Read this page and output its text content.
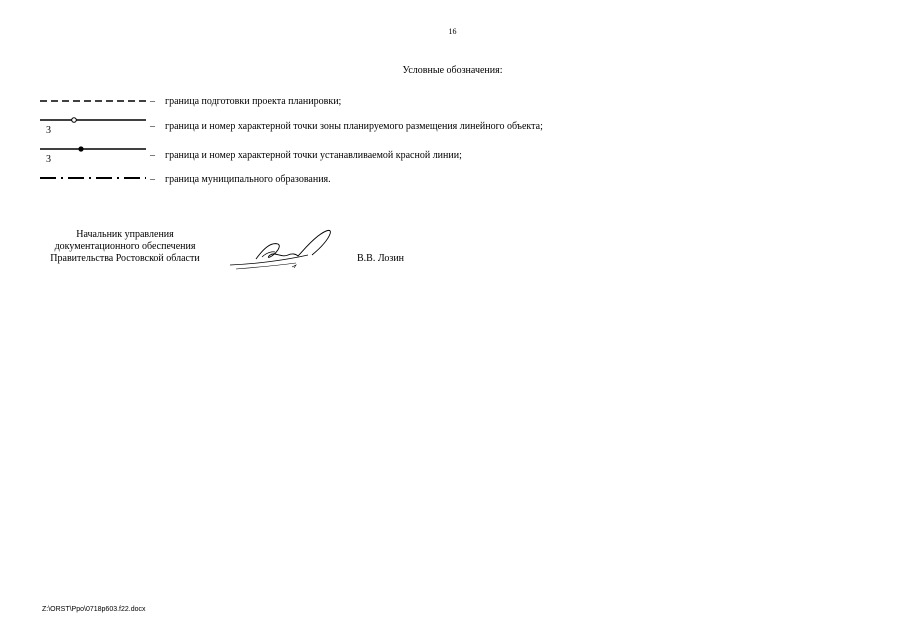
16
Условные обозначения:
– граница подготовки проекта планировки;
3	– граница и номер характерной точки зоны планируемого размещения линейного объекта;
3	– граница и номер характерной точки устанавливаемой красной линии;
– граница муниципального образования.
Начальник управления
документационного обеспечения
Правительства Ростовской области	В.В. Лозин
Z:\ORST\Ppo\0718p603.f22.docx
